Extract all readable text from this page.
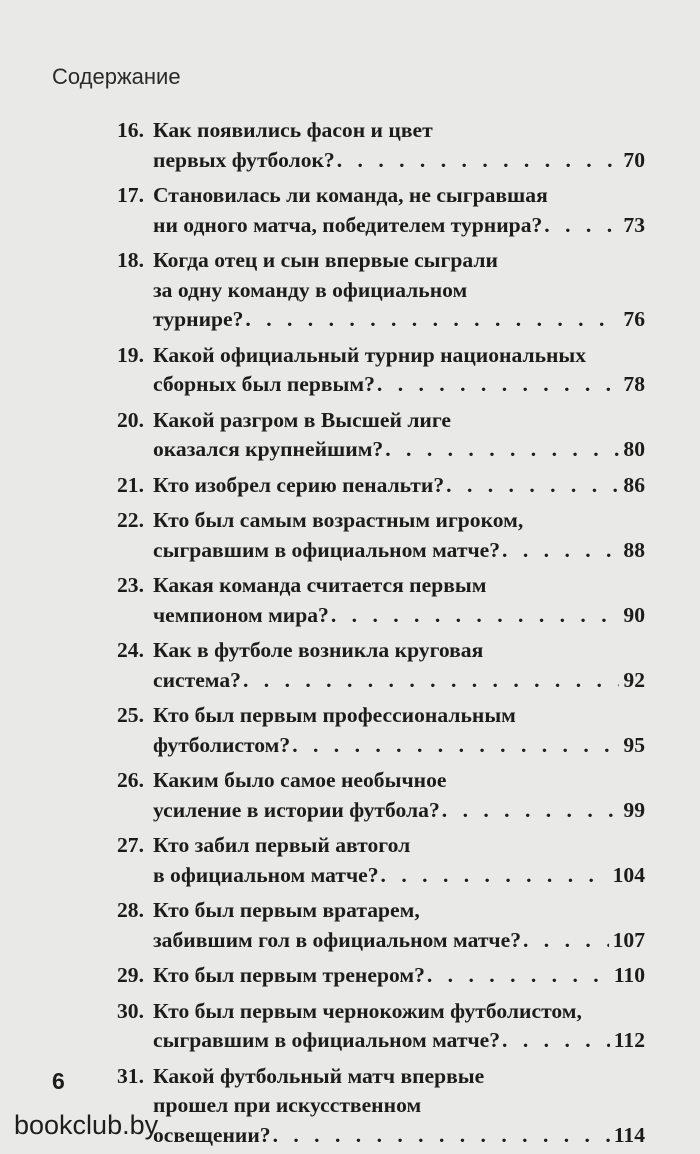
Содержание
16. Как появились фасон и цвет
первых футболок? . . .	70
17. Становилась ли команда, не сыгравшая
ни одного матча, победителем турнира? . . .	73
18. Когда отец и сын впервые сыграли
за одну команду в официальном
турнире? . . .	76
19. Какой официальный турнир национальных
сборных был первым? . . .	78
20. Какой разгром в Высшей лиге
оказался крупнейшим? . . .	80
21. Кто изобрел серию пенальти? . . .	86
22. Кто был самым возрастным игроком,
сыгравшим в официальном матче? . . .	88
23. Какая команда считается первым
чемпионом мира? . . .	90
24. Как в футболе возникла круговая
система? . . .	92
25. Кто был первым профессиональным
футболистом? . . .	95
26. Каким было самое необычное
усиление в истории футбола? . . .	99
27. Кто забил первый автогол
в официальном матче? . . .	104
28. Кто был первым вратарем,
забившим гол в официальном матче? . . .	107
29. Кто был первым тренером? . . .	110
30. Кто был первым чернокожим футболистом,
сыгравшим в официальном матче? . . .	112
31. Какой футбольный матч впервые
прошел при искусственном
освещении? . . .	114
6
bookclub.by
